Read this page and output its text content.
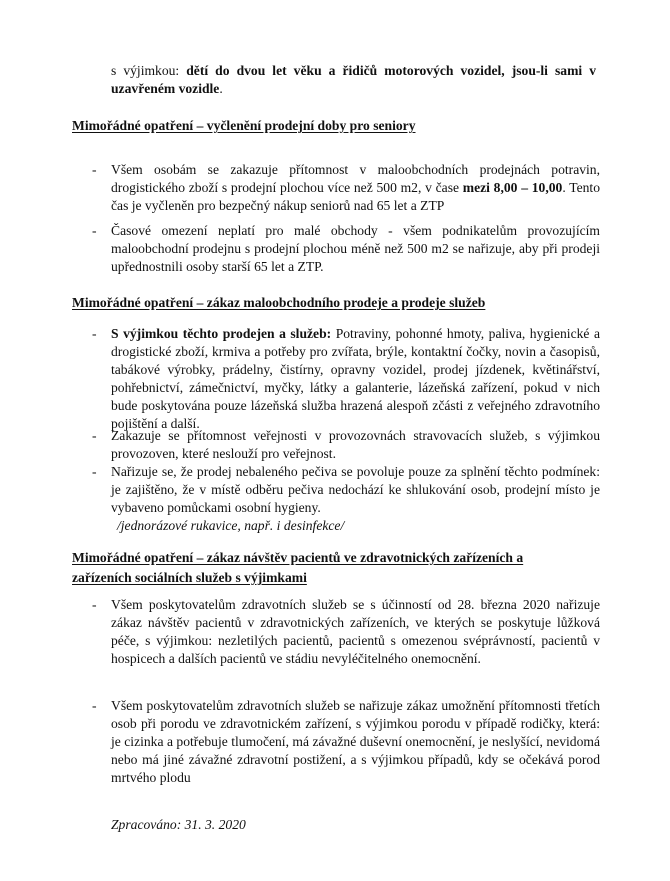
s výjimkou: dětí do dvou let věku a řidičů motorových vozidel, jsou-li sami v uzavřeném vozidle.

Mimořádné opatření – vyčlenění prodejní doby pro seniory

- Všem osobám se zakazuje přítomnost v maloobchodních prodejnách potravin, drogistického zboží s prodejní plochou více než 500 m2, v čase mezi 8,00 – 10,00. Tento čas je vyčleněn pro bezpečný nákup seniorů nad 65 let a ZTP
- Časové omezení neplatí pro malé obchody - všem podnikatelům provozujícím maloobchodní prodejnu s prodejní plochou méně než 500 m2 se nařizuje, aby při prodeji upřednostnili osoby starší 65 let a ZTP.

Mimořádné opatření – zákaz maloobchodního prodeje a prodeje služeb

- S výjimkou těchto prodejen a služeb: Potraviny, pohonné hmoty, paliva, hygienické a drogistické zboží, krmiva a potřeby pro zvířata, brýle, kontaktní čočky, novin a časopisů, tabákové výrobky, prádelny, čistírny, opravny vozidel, prodej jízdenek, květinářství, pohřebnictví, zámečnictví, myčky, látky a galanterie, lázeňská zařízení, pokud v nich bude poskytována pouze lázeňská služba hrazená alespoň zčásti z veřejného zdravotního pojištění a další.
- Zakazuje se přítomnost veřejnosti v provozovnách stravovacích služeb, s výjimkou provozoven, které neslouží pro veřejnost.
- Nařizuje se, že prodej nebaleného pečiva se povoluje pouze za splnění těchto podmínek: je zajištěno, že v místě odběru pečiva nedochází ke shlukování osob, prodejní místo je vybaveno pomůckami osobní hygieny.
/jednorázové rukavice, např. i desinfekce/

Mimořádné opatření – zákaz návštěv pacientů ve zdravotnických zařízeních a zařízeních sociálních služeb s výjimkami

- Všem poskytovatelům zdravotních služeb se s účinností od 28. března 2020 nařizuje zákaz návštěv pacientů v zdravotnických zařízeních, ve kterých se poskytuje lůžková péče, s výjimkou: nezletilých pacientů, pacientů s omezenou svéprávností, pacientů v hospicech a dalších pacientů ve stádiu nevyléčitelného onemocnění.
- Všem poskytovatelům zdravotních služeb se nařizuje zákaz umožnění přítomnosti třetích osob při porodu ve zdravotnickém zařízení, s výjimkou porodu v případě rodičky, která: je cizinka a potřebuje tlumočení, má závažné duševní onemocnění, je neslyšící, nevidomá nebo má jiné závažné zdravotní postižení, a s výjimkou případů, kdy se očekává porod mrtvého plodu

Zpracováno: 31. 3. 2020
